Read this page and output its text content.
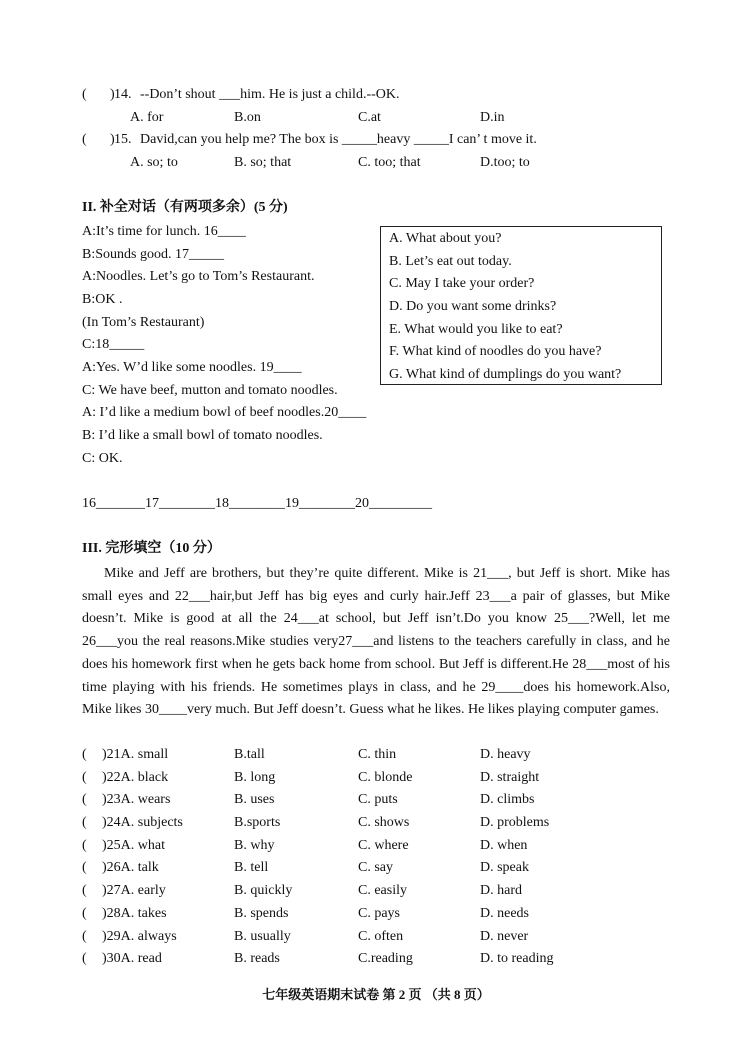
( ) 14. --Don’t shout ___him. He is just a child.--OK.
A. for	B.on	C.at	D.in
( ) 15. David,can you help me? The box is _____heavy _____I can’ t move it.
A. so; to	B. so; that	C. too; that	D.too; to
II. 补全对话（有两项多余）(5 分)
A:It’s time for lunch. 16____
B:Sounds good. 17_____
A:Noodles. Let’s go to Tom’s Restaurant.
B:OK .
(In Tom’s Restaurant)
C:18_____
A:Yes. W’d like some noodles. 19____
C: We have beef, mutton and tomato noodles.
A: I’d like a medium bowl of beef noodles.20____
B: I’d like a small bowl of tomato noodles.
C: OK.
A. What about you?
B. Let’s eat out today.
C. May I take your order?
D. Do you want some drinks?
E. What would you like to eat?
F. What kind of noodles do you have?
G. What kind of dumplings do you want?
16_______17________18________19________20_________
III. 完形填空（10 分）

Mike and Jeff are brothers, but they’re quite different. Mike is 21___, but Jeff is short. Mike has small eyes and 22___hair,but Jeff has big eyes and curly hair.Jeff 23___a pair of glasses, but Mike doesn’t. Mike is good at all the 24___at school, but Jeff isn’t.Do you know 25___?Well, let me 26___you the real reasons.Mike studies very27___and listens to the teachers carefully in class, and he does his homework first when he gets back home from school. But Jeff is different.He 28___most of his time playing with his friends. He sometimes plays in class, and he 29____does his homework.Also, Mike likes 30____very much. But Jeff doesn’t. Guess what he likes. He likes playing computer games.

( )21A. small	B.tall	C. thin	D. heavy
( )22A. black	B. long	C. blonde	D. straight
( )23A. wears	B. uses	C. puts	D. climbs
( )24A. subjects	B.sports	C. shows	D. problems
( )25A. what	B. why	C. where	D. when
( )26A. talk	B. tell	C. say	D. speak
( )27A. early	B. quickly	C. easily	D. hard
( )28A. takes	B. spends	C. pays	D. needs
( )29A. always	B. usually	C. often	D. never
( )30A. read	B. reads	C.reading	D. to reading
七年级英语期末试卷 第 2 页 （共 8 页）
